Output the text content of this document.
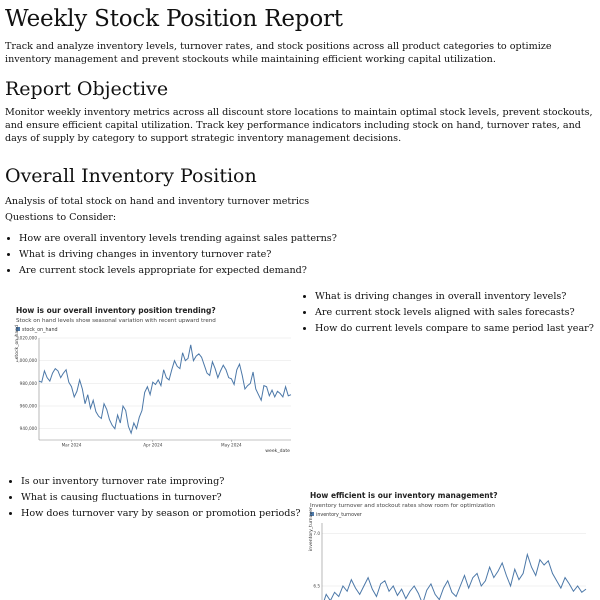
Weekly Stock Position Report

Track and analyze inventory levels, turnover rates, and stock positions across all product categories to optimize inventory management and prevent stockouts while maintaining efficient working capital utilization.

Report Objective

Monitor weekly inventory metrics across all discount store locations to maintain optimal stock levels, prevent stockouts, and ensure efficient capital utilization. Track key performance indicators including stock on hand, turnover rates, and days of supply by category to support strategic inventory management decisions.

Overall Inventory Position
Analysis of total stock on hand and inventory turnover metrics
Questions to Consider:
• How are overall inventory levels trending against sales patterns?
• What is driving changes in inventory turnover rate?
• Are current stock levels appropriate for expected demand?
How is our overall inventory position trending?
Stock on hand levels show seasonal variation with recent upward trend
stock_on_hand
940,000
960,000
980,000
1,000,000
1,020,000
Mar 2024	Apr 2024	May 2024
stock_on_hand
week_date
• What is driving changes in overall inventory levels?
• Are current stock levels aligned with sales forecasts?
• How do current levels compare to same period last year?
• Is our inventory turnover rate improving?
• What is causing fluctuations in turnover?
• How does turnover vary by season or promotion periods?
How efficient is our inventory management?
Inventory turnover and stockout rates show room for optimization
inventory_turnover
6.5
7.0
inventory_turnover
